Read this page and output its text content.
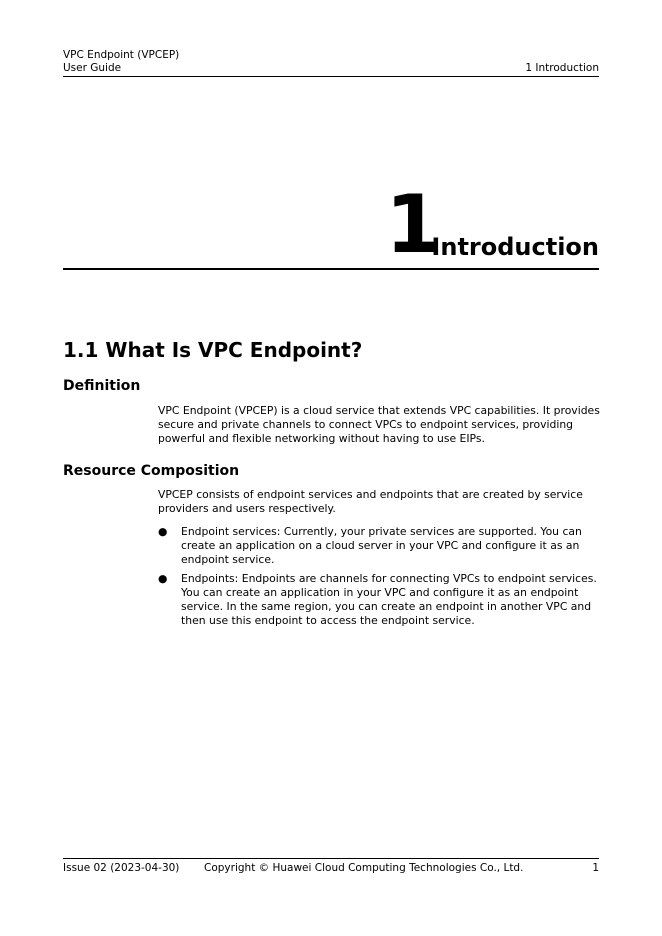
VPC Endpoint (VPCEP)
User Guide	1 Introduction
1
Introduction
1.1 What Is VPC Endpoint?
Definition
VPC Endpoint (VPCEP) is a cloud service that extends VPC capabilities. It provides secure and private channels to connect VPCs to endpoint services, providing powerful and flexible networking without having to use EIPs.
Resource Composition
VPCEP consists of endpoint services and endpoints that are created by service providers and users respectively.
● Endpoint services: Currently, your private services are supported. You can create an application on a cloud server in your VPC and configure it as an endpoint service.
● Endpoints: Endpoints are channels for connecting VPCs to endpoint services. You can create an application in your VPC and configure it as an endpoint service. In the same region, you can create an endpoint in another VPC and then use this endpoint to access the endpoint service.
Issue 02 (2023-04-30) Copyright © Huawei Cloud Computing Technologies Co., Ltd.	1
